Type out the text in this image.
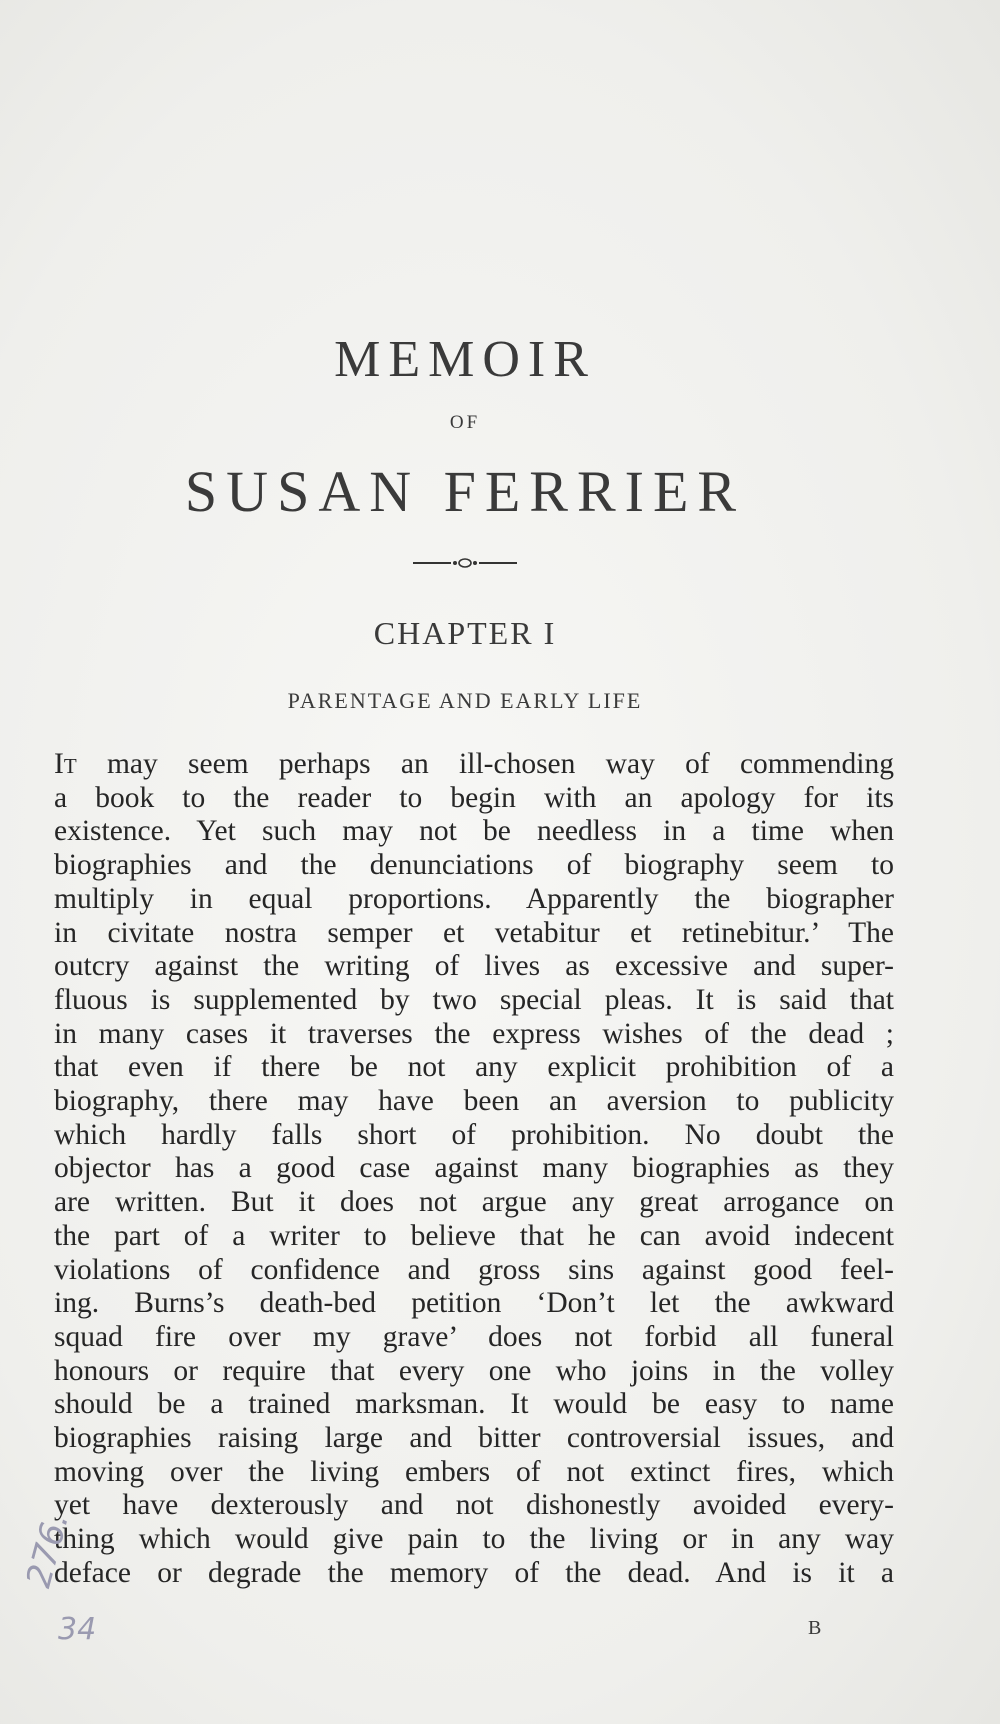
MEMOIR
OF
SUSAN FERRIER
CHAPTER I
PARENTAGE AND EARLY LIFE
It may seem perhaps an ill-chosen way of commending
a book to the reader to begin with an apology for its
existence. Yet such may not be needless in a time when
biographies and the denunciations of biography seem to
multiply in equal proportions. Apparently the biographer
in civitate nostra semper et vetabitur et retinebitur.’ The
outcry against the writing of lives as excessive and super-
fluous is supplemented by two special pleas. It is said that
in many cases it traverses the express wishes of the dead ;
that even if there be not any explicit prohibition of a
biography, there may have been an aversion to publicity
which hardly falls short of prohibition. No doubt the
objector has a good case against many biographies as they
are written. But it does not argue any great arrogance on
the part of a writer to believe that he can avoid indecent
violations of confidence and gross sins against good feel-
ing. Burns’s death-bed petition ‘Don’t let the awkward
squad fire over my grave’ does not forbid all funeral
honours or require that every one who joins in the volley
should be a trained marksman. It would be easy to name
biographies raising large and bitter controversial issues, and
moving over the living embers of not extinct fires, which
yet have dexterously and not dishonestly avoided every-
thing which would give pain to the living or in any way
deface or degrade the memory of the dead. And is it a
B
276.
34
